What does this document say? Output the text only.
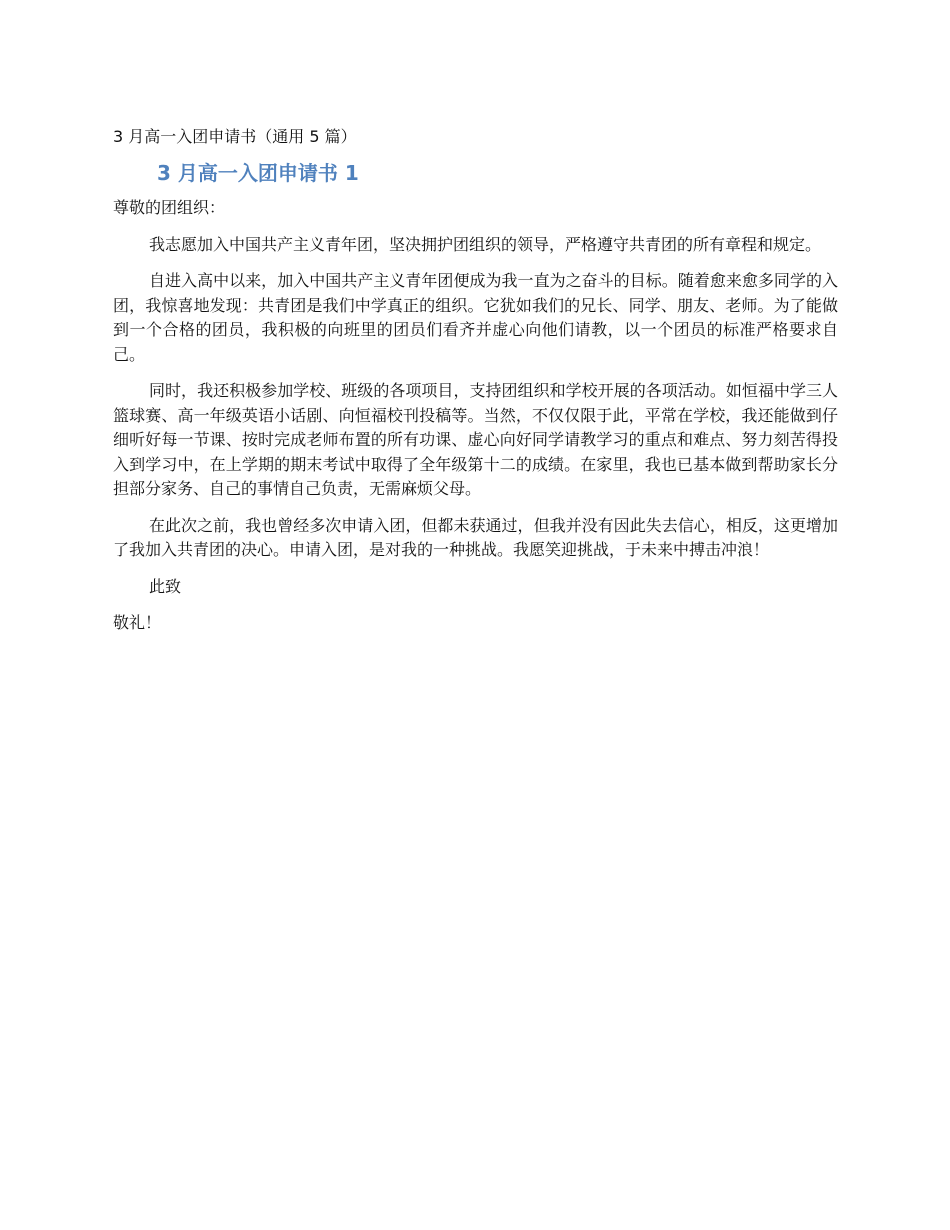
3 月高一入团申请书（通用 5 篇）
3 月高一入团申请书 1

尊敬的团组织：

我志愿加入中国共产主义青年团，坚决拥护团组织的领导，严格遵守共青团的所有章程和规定。

自进入高中以来，加入中国共产主义青年团便成为我一直为之奋斗的目标。随着愈来愈多同学的入团，我惊喜地发现：共青团是我们中学真正的组织。它犹如我们的兄长、同学、朋友、老师。为了能做到一个合格的团员，我积极的向班里的团员们看齐并虚心向他们请教，以一个团员的标准严格要求自己。

同时，我还积极参加学校、班级的各项项目，支持团组织和学校开展的各项活动。如恒福中学三人篮球赛、高一年级英语小话剧、向恒福校刊投稿等。当然，不仅仅限于此，平常在学校，我还能做到仔细听好每一节课、按时完成老师布置的所有功课、虚心向好同学请教学习的重点和难点、努力刻苦得投入到学习中，在上学期的期末考试中取得了全年级第十二的成绩。在家里，我也已基本做到帮助家长分担部分家务、自己的事情自己负责，无需麻烦父母。

在此次之前，我也曾经多次申请入团，但都未获通过，但我并没有因此失去信心，相反，这更增加了我加入共青团的决心。申请入团，是对我的一种挑战。我愿笑迎挑战，于未来中搏击冲浪！

此致

敬礼！
